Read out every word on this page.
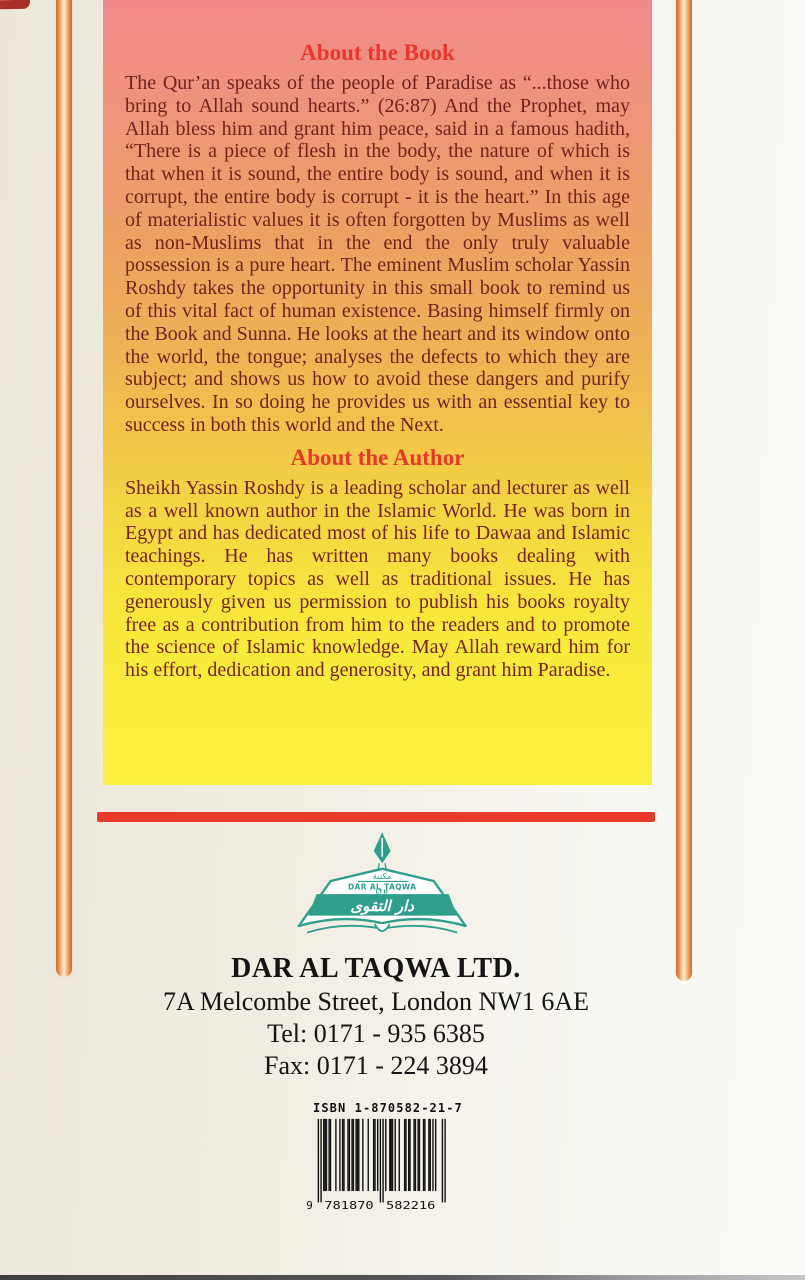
About the Book

The Qur’an speaks of the people of Paradise as “...those who bring to Allah sound hearts.” (26:87) And the Prophet, may Allah bless him and grant him peace, said in a famous hadith, “There is a piece of flesh in the body, the nature of which is that when it is sound, the entire body is sound, and when it is corrupt, the entire body is corrupt - it is the heart.” In this age of materialistic values it is often forgotten by Muslims as well as non-Muslims that in the end the only truly valuable possession is a pure heart. The eminent Muslim scholar Yassin Roshdy takes the opportunity in this small book to remind us of this vital fact of human existence. Basing himself firmly on the Book and Sunna. He looks at the heart and its window onto the world, the tongue; analyses the defects to which they are subject; and shows us how to avoid these dangers and purify ourselves. In so doing he provides us with an essential key to success in both this world and the Next.

About the Author

Sheikh Yassin Roshdy is a leading scholar and lecturer as well as a well known author in the Islamic World. He was born in Egypt and has dedicated most of his life to Dawaa and Islamic teachings. He has written many books dealing with contemporary topics as well as traditional issues. He has generously given us permission to publish his books royalty free as a contribution from him to the readers and to promote the science of Islamic knowledge. May Allah reward him for his effort, dedication and generosity, and grant him Paradise.

مكتبة
DAR AL TAQWA
LTD
دار التقوى
DAR AL TAQWA LTD.
7A Melcombe Street, London NW1 6AE
Tel: 0171 - 935 6385
Fax: 0171 - 224 3894
ISBN 1-870582-21-7
9 781870 582216
